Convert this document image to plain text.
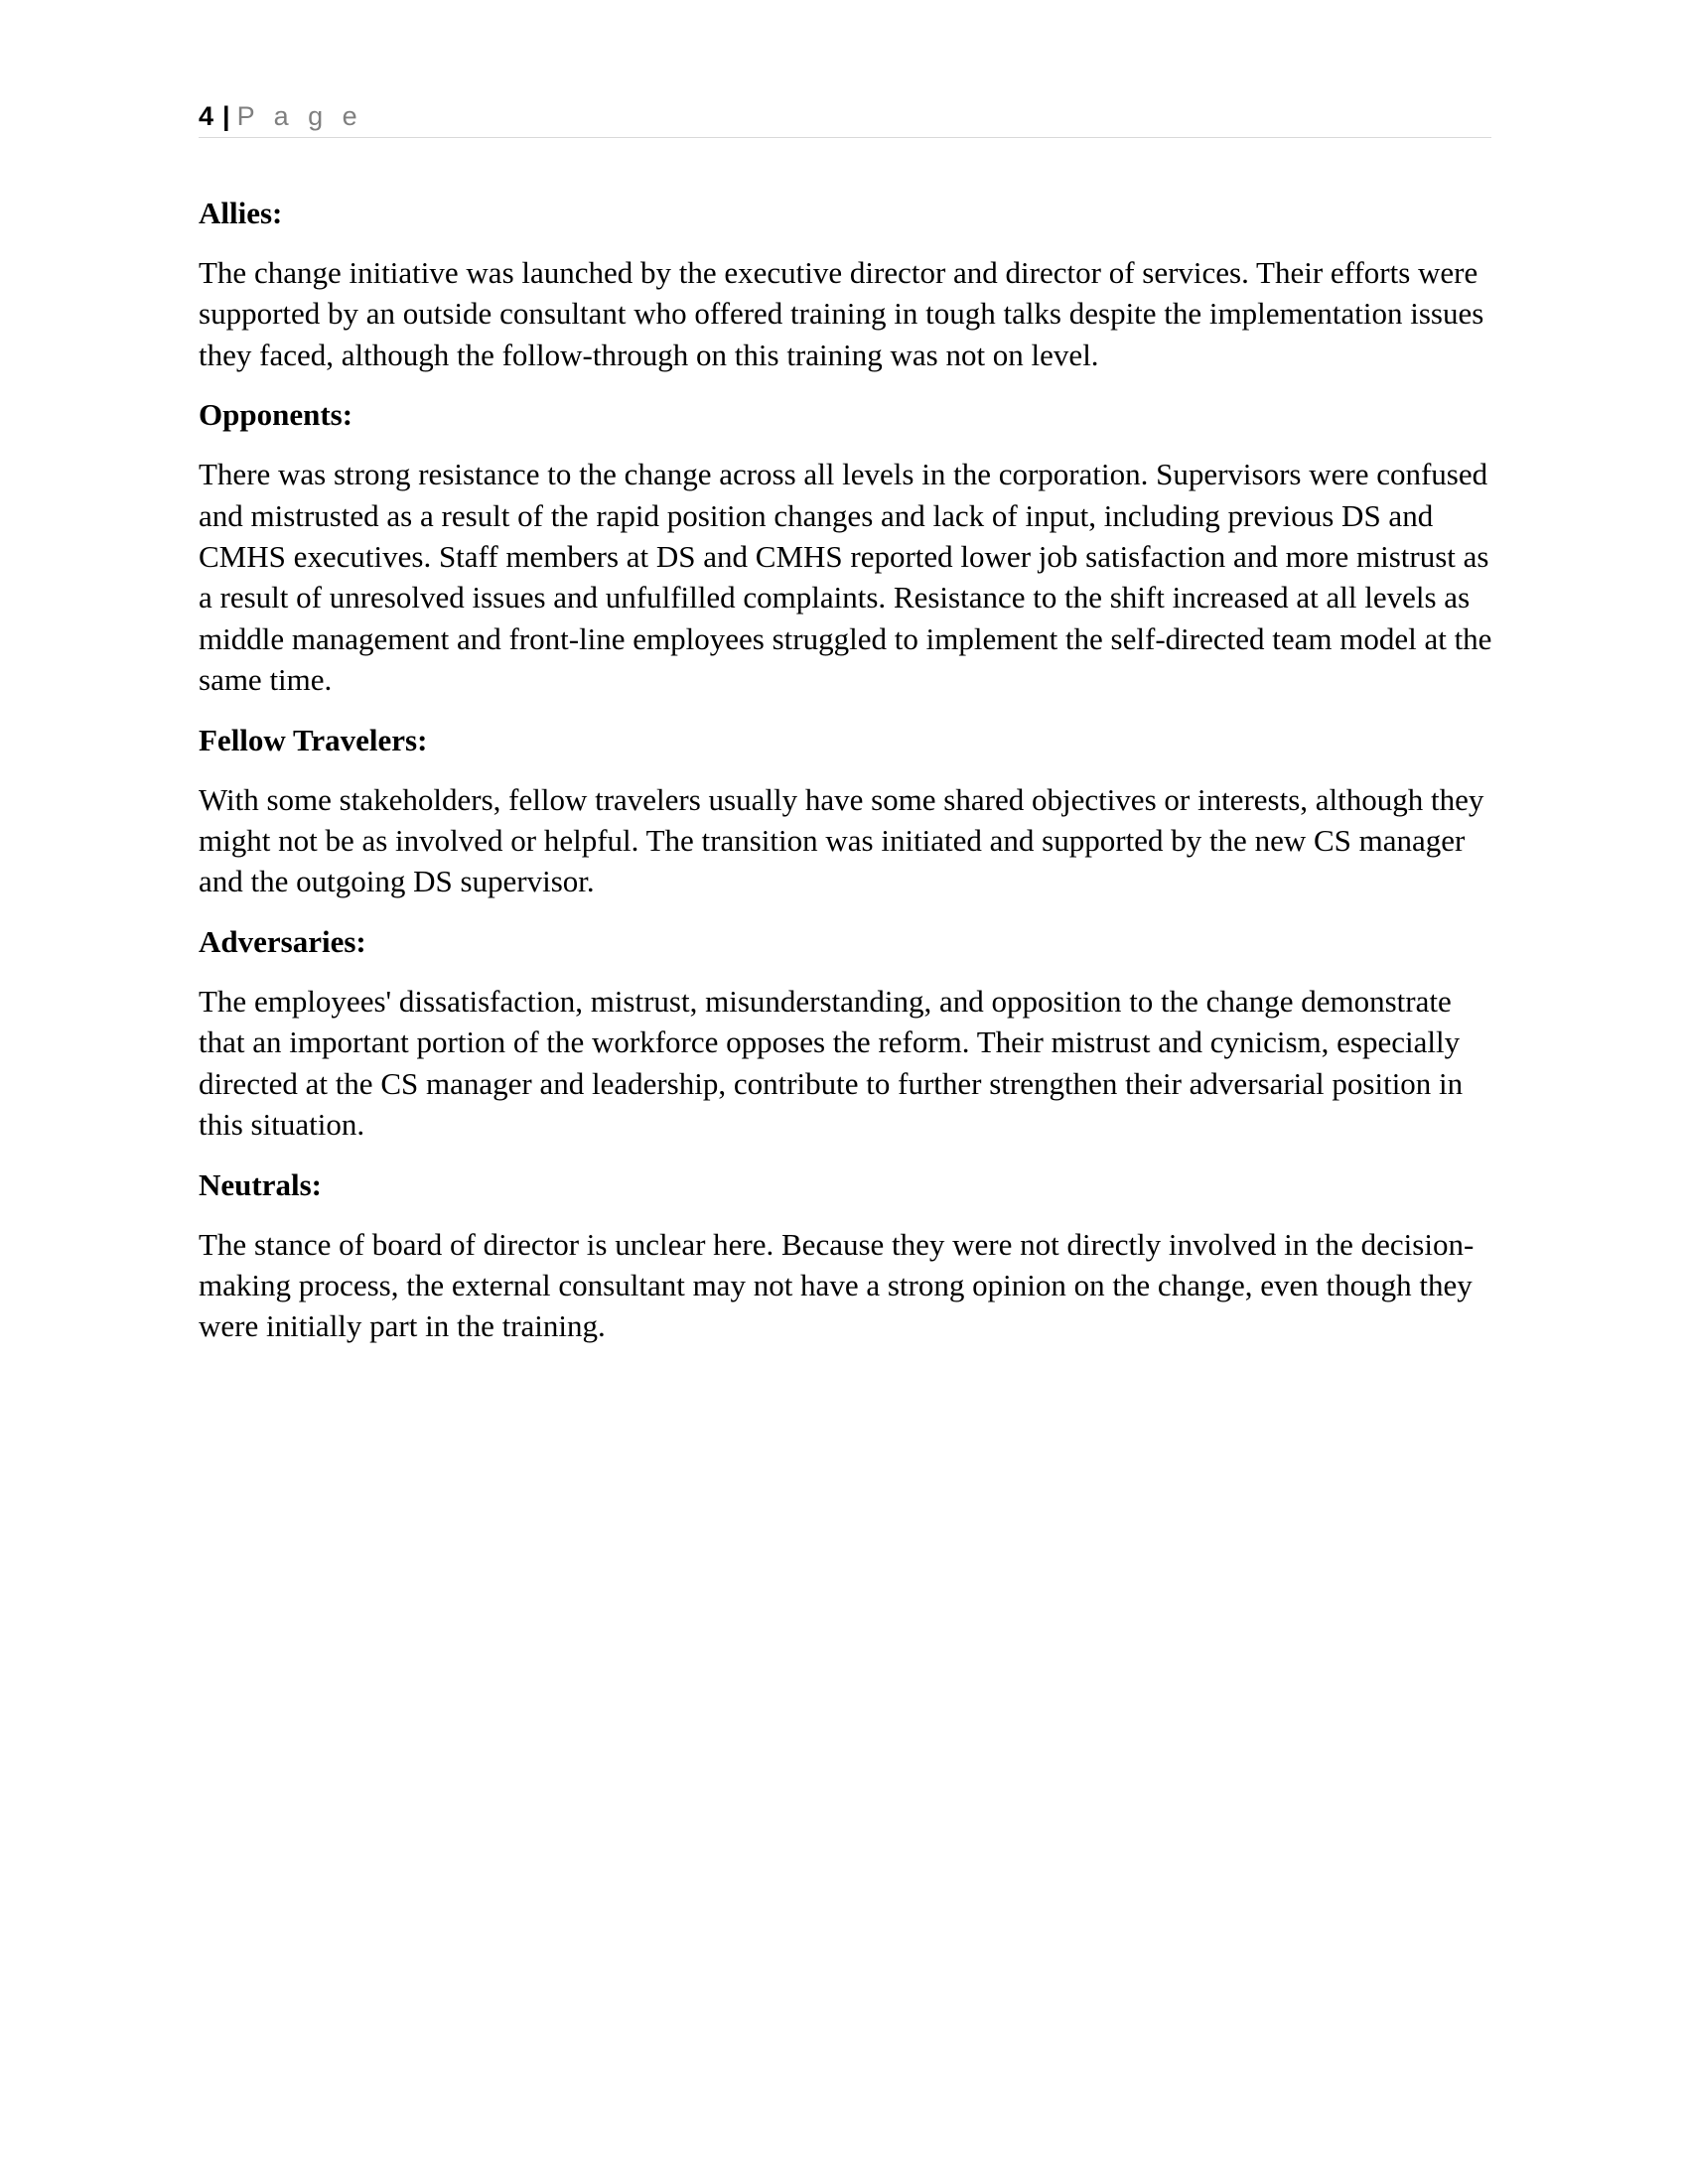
4 | P a g e
Allies:

The change initiative was launched by the executive director and director of services. Their efforts were supported by an outside consultant who offered training in tough talks despite the implementation issues they faced, although the follow-through on this training was not on level.

Opponents:

There was strong resistance to the change across all levels in the corporation. Supervisors were confused and mistrusted as a result of the rapid position changes and lack of input, including previous DS and CMHS executives. Staff members at DS and CMHS reported lower job satisfaction and more mistrust as a result of unresolved issues and unfulfilled complaints. Resistance to the shift increased at all levels as middle management and front-line employees struggled to implement the self-directed team model at the same time.

Fellow Travelers:

With some stakeholders, fellow travelers usually have some shared objectives or interests, although they might not be as involved or helpful. The transition was initiated and supported by the new CS manager and the outgoing DS supervisor.

Adversaries:

The employees' dissatisfaction, mistrust, misunderstanding, and opposition to the change demonstrate that an important portion of the workforce opposes the reform. Their mistrust and cynicism, especially directed at the CS manager and leadership, contribute to further strengthen their adversarial position in this situation.

Neutrals:

The stance of board of director is unclear here. Because they were not directly involved in the decision-making process, the external consultant may not have a strong opinion on the change, even though they were initially part in the training.
